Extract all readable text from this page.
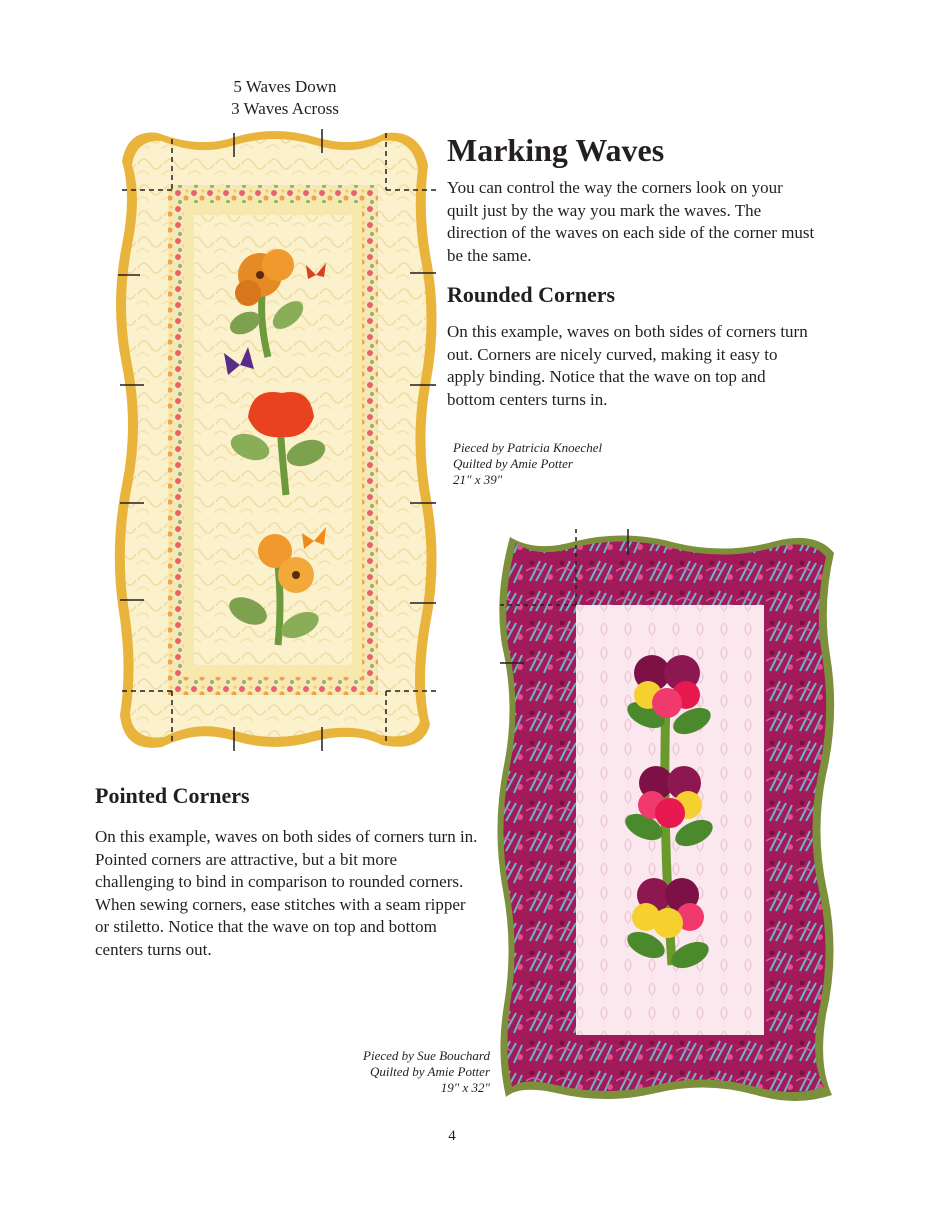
5 Waves Down
3 Waves Across
Marking Waves

You can control the way the corners look on your quilt just by the way you mark the waves. The direction of the waves on each side of the corner must be the same.

Rounded Corners

On this example, waves on both sides of corners turn out. Corners are nicely curved, making it easy to apply binding. Notice that the wave on top and bottom centers turns in.

Pieced by Patricia Knoechel
Quilted by Amie Potter
21" x 39"
Pointed Corners

On this example, waves on both sides of corners turn in. Pointed corners are attractive, but a bit more challenging to bind in comparison to rounded corners. When sewing corners, ease stitches with a seam ripper or stiletto. Notice that the wave on top and bottom centers turns out.

Pieced by Sue Bouchard
Quilted by Amie Potter
19" x 32"
4
